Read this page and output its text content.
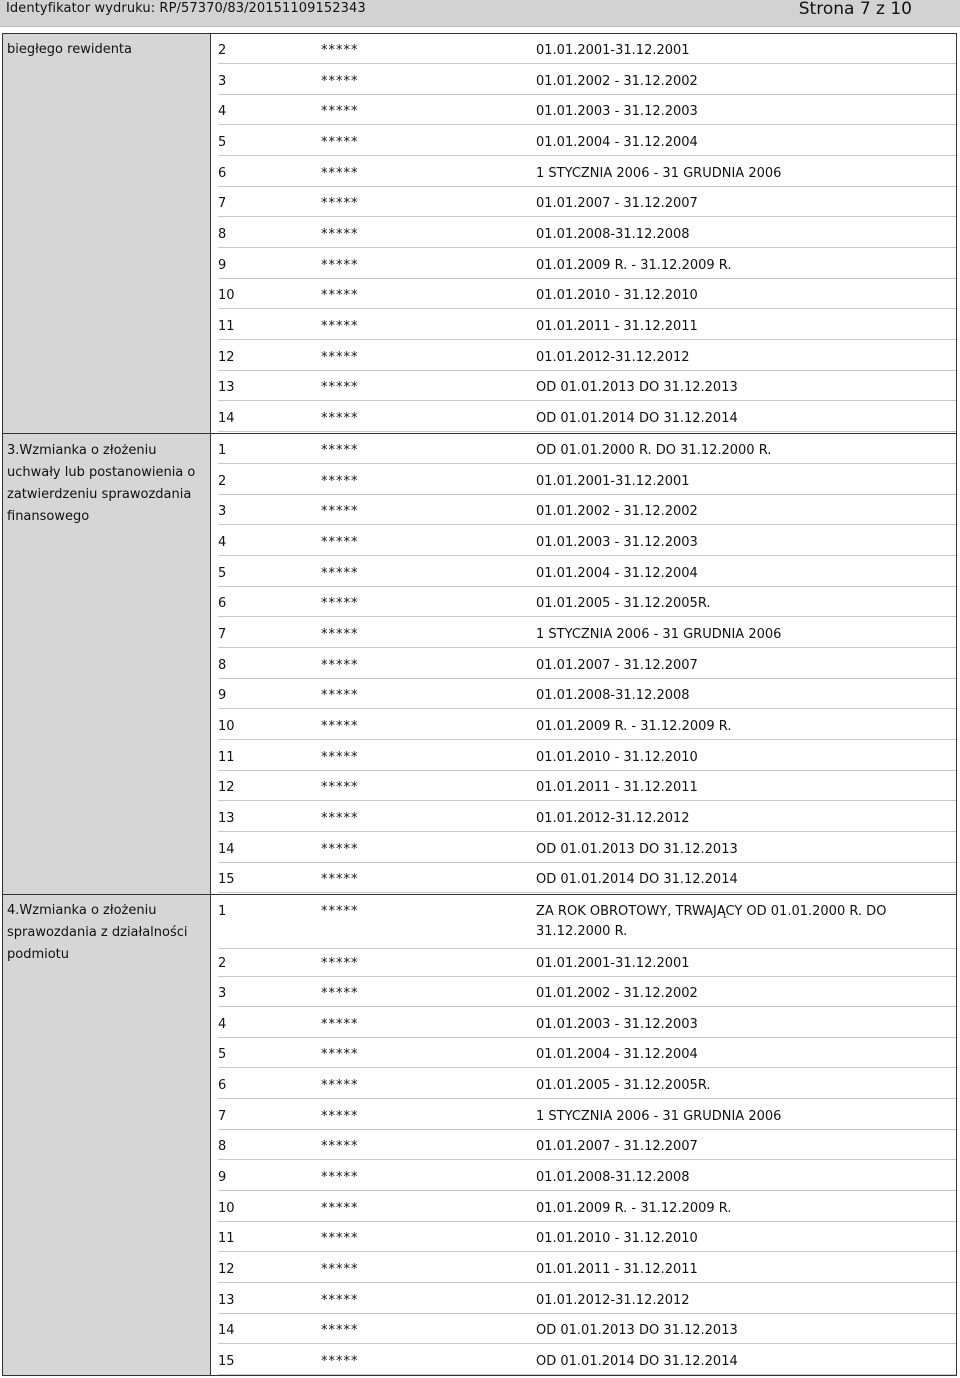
Identyfikator wydruku: RP/57370/83/20151109152343	Strona 7 z 10
biegłego rewidenta	2	*****	01.01.2001-31.12.2001
3	*****	01.01.2002 - 31.12.2002
4	*****	01.01.2003 - 31.12.2003
5	*****	01.01.2004 - 31.12.2004
6	*****	1 STYCZNIA 2006 - 31 GRUDNIA 2006
7	*****	01.01.2007 - 31.12.2007
8	*****	01.01.2008-31.12.2008
9	*****	01.01.2009 R. - 31.12.2009 R.
10	*****	01.01.2010 - 31.12.2010
11	*****	01.01.2011 - 31.12.2011
12	*****	01.01.2012-31.12.2012
13	*****	OD 01.01.2013 DO 31.12.2013
14	*****	OD 01.01.2014 DO 31.12.2014
3.Wzmianka o złożeniu uchwały lub postanowienia o zatwierdzeniu sprawozdania finansowego
1	*****	OD 01.01.2000 R. DO 31.12.2000 R.
2	*****	01.01.2001-31.12.2001
3	*****	01.01.2002 - 31.12.2002
4	*****	01.01.2003 - 31.12.2003
5	*****	01.01.2004 - 31.12.2004
6	*****	01.01.2005 - 31.12.2005R.
7	*****	1 STYCZNIA 2006 - 31 GRUDNIA 2006
8	*****	01.01.2007 - 31.12.2007
9	*****	01.01.2008-31.12.2008
10	*****	01.01.2009 R. - 31.12.2009 R.
11	*****	01.01.2010 - 31.12.2010
12	*****	01.01.2011 - 31.12.2011
13	*****	01.01.2012-31.12.2012
14	*****	OD 01.01.2013 DO 31.12.2013
15	*****	OD 01.01.2014 DO 31.12.2014
4.Wzmianka o złożeniu sprawozdania z działalności podmiotu
1	*****	ZA ROK OBROTOWY, TRWAJĄCY OD 01.01.2000 R. DO 31.12.2000 R.
2	*****	01.01.2001-31.12.2001
3	*****	01.01.2002 - 31.12.2002
4	*****	01.01.2003 - 31.12.2003
5	*****	01.01.2004 - 31.12.2004
6	*****	01.01.2005 - 31.12.2005R.
7	*****	1 STYCZNIA 2006 - 31 GRUDNIA 2006
8	*****	01.01.2007 - 31.12.2007
9	*****	01.01.2008-31.12.2008
10	*****	01.01.2009 R. - 31.12.2009 R.
11	*****	01.01.2010 - 31.12.2010
12	*****	01.01.2011 - 31.12.2011
13	*****	01.01.2012-31.12.2012
14	*****	OD 01.01.2013 DO 31.12.2013
15	*****	OD 01.01.2014 DO 31.12.2014
